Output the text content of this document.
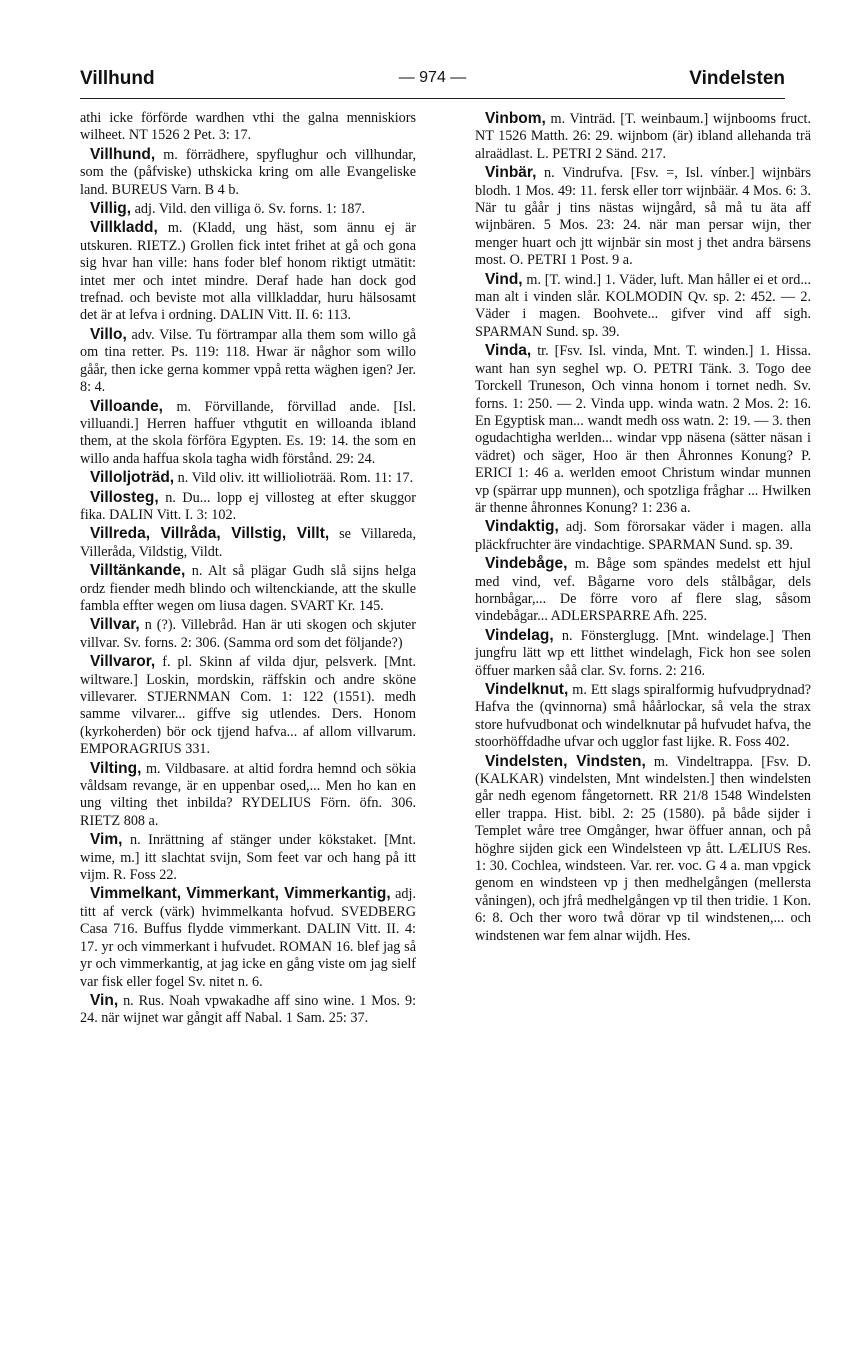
Villhund	— 974 —	Vindelsten

athi icke förförde wardhen vthi the galna menniskiors wilheet. NT 1526 2 Pet. 3: 17.

Villhund, m. förrädhere, spyflughur och villhundar, som the (påfviske) uthskicka kring om alle Evangeliske land. BUREUS Varn. B 4 b.

Villig, adj. Vild. den villiga ö. Sv. forns. 1: 187.

Villkladd, m. (Kladd, ung häst, som ännu ej är utskuren. RIETZ.) Grollen fick intet frihet at gå och gona sig hvar han ville: hans foder blef honom riktigt utmätit: intet mer och intet mindre. Deraf hade han dock god trefnad. och beviste mot alla villkladdar, huru hälsosamt det är at lefva i ordning. DALIN Vitt. II. 6: 113.

Villo, adv. Vilse. Tu förtrampar alla them som willo gå om tina retter. Ps. 119: 118. Hwar är någhor som willo gåår, then icke gerna kommer vppå retta wäghen igen? Jer. 8: 4.

Villoande, m. Förvillande, förvillad ande. [Isl. villuandi.] Herren haffuer vthgutit en willoanda ibland them, at the skola förföra Egypten. Es. 19: 14. the som en willo anda haffua skola tagha widh förstånd. 29: 24.

Villoljoträd, n. Vild oliv. itt williolioträä. Rom. 11: 17.

Villosteg, n. Du... lopp ej villosteg at efter skuggor fika. DALIN Vitt. I. 3: 102.

Villreda, Villråda, Villstig, Villt, se Villareda, Villeråda, Vildstig, Vildt.

Villtänkande, n. Alt så plägar Gudh slå sijns helga ordz fiender medh blindo och wiltenckiande, att the skulle fambla effter wegen om liusa dagen. SVART Kr. 145.

Villvar, n (?). Villebråd. Han är uti skogen och skjuter villvar. Sv. forns. 2: 306. (Samma ord som det följande?)

Villvaror, f. pl. Skinn af vilda djur, pelsverk. [Mnt. wiltware.] Loskin, mordskin, räffskin och andre sköne villevarer. STJERNMAN Com. 1: 122 (1551). medh samme vilvarer... giffve sig utlendes. Ders. Honom (kyrkoherden) bör ock tjjend hafva... af allom villvarum. EMPORAGRIUS 331.

Vilting, m. Vildbasare. at altid fordra hemnd och sökia våldsam revange, är en uppenbar osed,... Men ho kan en ung vilting thet inbilda? RYDELIUS Förn. öfn. 306. RIETZ 808 a.

Vim, n. Inrättning af stänger under kökstaket. [Mnt. wime, m.] itt slachtat svijn, Som feet var och hang på itt vijm. R. Foss 22.

Vimmelkant, Vimmerkant, Vimmerkantig, adj. titt af verck (värk) hvimmelkanta hofvud. SVEDBERG Casa 716. Buffus flydde vimmerkant. DALIN Vitt. II. 4: 17. yr och vimmerkant i hufvudet. ROMAN 16. blef jag så yr och vimmerkantig, at jag icke en gång viste om jag sielf var fisk eller fogel Sv. nitet n. 6.

Vin, n. Rus. Noah vpwakadhe aff sino wine. 1 Mos. 9: 24. när wijnet war gångit aff Nabal. 1 Sam. 25: 37.

Vinbom, m. Vinträd. [T. weinbaum.] wijnbooms fruct. NT 1526 Matth. 26: 29. wijnbom (är) ibland allehanda trä alraädlast. L. PETRI 2 Sänd. 217.

Vinbär, n. Vindrufva. [Fsv. =, Isl. vínber.] wijnbärs blodh. 1 Mos. 49: 11. fersk eller torr wijnbäär. 4 Mos. 6: 3. När tu gåår j tins nästas wijngård, så må tu äta aff wijnbären. 5 Mos. 23: 24. när man persar wijn, ther menger huart och jtt wijnbär sin most j thet andra bärsens most. O. PETRI 1 Post. 9 a.

Vind, m. [T. wind.] 1. Väder, luft. Man håller ei et ord... man alt i vinden slår. KOLMODIN Qv. sp. 2: 452. — 2. Väder i magen. Boohvete... gifver vind aff sigh. SPARMAN Sund. sp. 39.

Vinda, tr. [Fsv. Isl. vinda, Mnt. T. winden.] 1. Hissa. want han syn seghel wp. O. PETRI Tänk. 3. Togo dee Torckell Truneson, Och vinna honom i tornet nedh. Sv. forns. 1: 250. — 2. Vinda upp. winda watn. 2 Mos. 2: 16. En Egyptisk man... wandt medh oss watn. 2: 19. — 3. then ogudachtigha werlden... windar vpp näsena (sätter näsan i vädret) och säger, Hoo är then Åhronnes Konung? P. ERICI 1: 46 a. werlden emoot Christum windar munnen vp (spärrar upp munnen), och spotzliga fråghar ... Hwilken är thenne åhronnes Konung? 1: 236 a.

Vindaktig, adj. Som förorsakar väder i magen. alla pläckfruchter äre vindachtige. SPARMAN Sund. sp. 39.

Vindebåge, m. Båge som spändes medelst ett hjul med vind, vef. Bågarne voro dels stålbågar, dels hornbågar,... De förre voro af flere slag, såsom vindebågar... ADLERSPARRE Afh. 225.

Vindelag, n. Fönsterglugg. [Mnt. windelage.] Then jungfru lätt wp ett litthet windelagh, Fick hon see solen öffuer marken såå clar. Sv. forns. 2: 216.

Vindelknut, m. Ett slags spiralformig hufvudprydnad? Hafva the (qvinnorna) små håårlockar, så vela the strax store hufvudbonat och windelknutar på hufvudet hafva, the stoorhöffdadhe ufvar och ugglor fast lijke. R. Foss 402.

Vindelsten, Vindsten, m. Vindeltrappa. [Fsv. D. (KALKAR) vindelsten, Mnt windelsten.] then windelsten går nedh egenom fångetornett. RR 21/8 1548 Windelsten eller trappa. Hist. bibl. 2: 25 (1580). på både sijder i Templet wåre tree Omgånger, hwar öffuer annan, och på höghre sijden gick een Windelsteen vp ått. LÆLIUS Res. 1: 30. Cochlea, windsteen. Var. rer. voc. G 4 a. man vpgick genom en windsteen vp j then medhelgången (mellersta våningen), och jfrå medhelgången vp til then tridie. 1 Kon. 6: 8. Och ther woro twå dörar vp til windstenen,... och windstenen war fem alnar wijdh. Hes.
